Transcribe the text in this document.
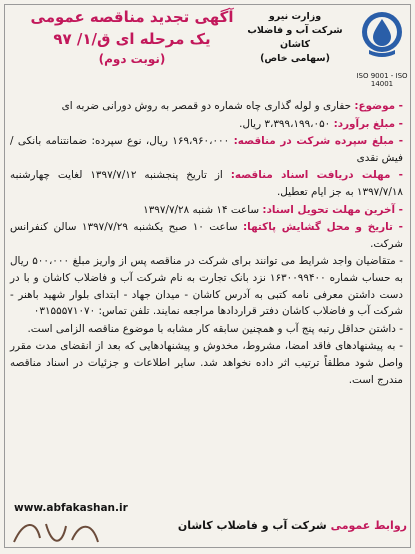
ISO 9001 - ISO 14001
وزارت نیرو
شرکت آب و فاضلاب کاشان
(سهامی خاص)
آگهی تجدید مناقصه عمومی
یک مرحله ای ق/۱/ ۹۷
(نوبت دوم)
- موضوع: حفاری و لوله گذاری چاه شماره دو قمصر به روش دورانی ضربه ای
- مبلغ برآورد: ۳،۳۹۹،۱۹۹،۰۵۰ ریال.
- مبلغ سپرده شرکت در مناقصه: ۱۶۹،۹۶۰،۰۰۰ ریال، نوع سپرده: ضمانتنامه بانکی / فیش نقدی
- مهلت دریافت اسناد مناقصه: از تاریخ پنجشنبه ۱۳۹۷/۷/۱۲ لغایت چهارشنبه ۱۳۹۷/۷/۱۸ به جز ایام تعطیل.
- آخرین مهلت تحویل اسناد: ساعت ۱۴ شنبه ۱۳۹۷/۷/۲۸
- تاریخ و محل گشایش پاکتها: ساعت ۱۰ صبح یکشنبه ۱۳۹۷/۷/۲۹ سالن کنفرانس شرکت.
- متقاضیان واجد شرایط می توانند برای شرکت در مناقصه پس از واریز مبلغ ۵۰۰،۰۰۰ ریال به حساب شماره ۱۶۳۰۰۹۹۴۰۰ نزد بانک تجارت به نام شرکت آب و فاضلاب کاشان و با در دست داشتن معرفی نامه کتبی به آدرس کاشان - میدان جهاد - ابتدای بلوار شهید باهنر - شرکت آب و فاضلاب کاشان دفتر قراردادها مراجعه نمایند. تلفن تماس: ۰۳۱۵۵۵۷۱۰۷۰
- داشتن حداقل رتبه پنج آب و همچنین سابقه کار مشابه با موضوع مناقصه الزامی است.
- به پیشنهادهای فاقد امضا، مشروط، مخدوش و پیشنهادهایی که بعد از انقضای مدت مقرر واصل شود مطلقاً ترتیب اثر داده نخواهد شد. سایر اطلاعات و جزئیات در اسناد مناقصه مندرج است.
www.abfakashan.ir
روابط عمومی شرکت آب و فاضلاب کاشان
